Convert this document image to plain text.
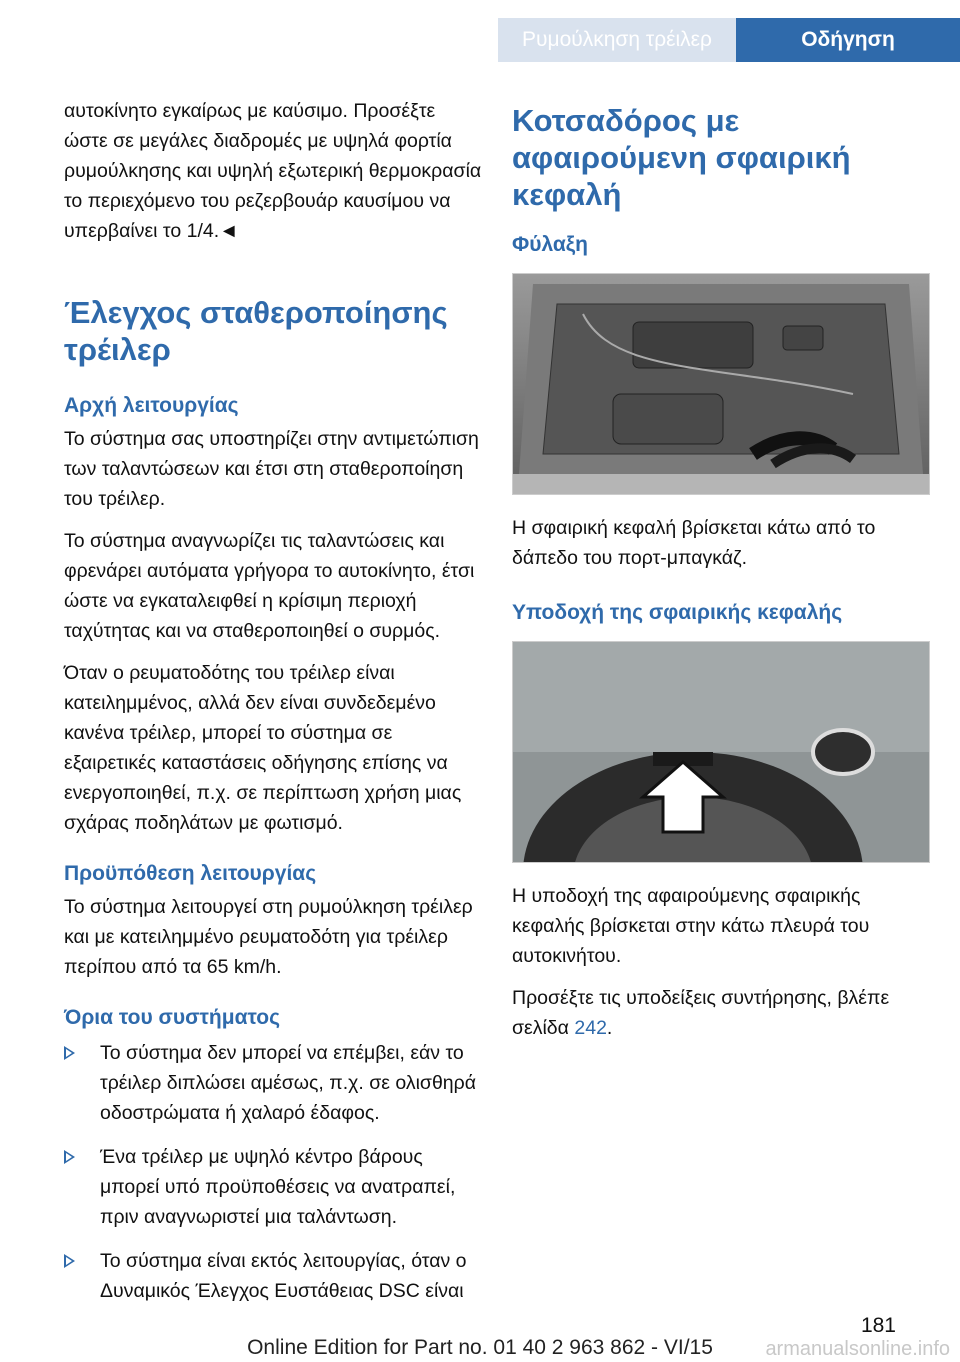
Ρυμούλκηση τρέιλερ	Οδήγηση

αυτοκίνητο εγκαίρως με καύσιμο. Προσέξτε ώστε σε μεγάλες διαδρομές με υψηλά φορτία ρυμούλκησης και υψηλή εξωτερική θερμοκρασία το περιεχόμενο του ρεζερβουάρ καυσίμου να υπερβαίνει το 1/4.◄

Έλεγχος σταθεροποίησης τρέιλερ
Αρχή λειτουργίας

Το σύστημα σας υποστηρίζει στην αντιμετώπιση των ταλαντώσεων και έτσι στη σταθεροποίηση του τρέιλερ.

Το σύστημα αναγνωρίζει τις ταλαντώσεις και φρενάρει αυτόματα γρήγορα το αυτοκίνητο, έτσι ώστε να εγκαταλειφθεί η κρίσιμη περιοχή ταχύτητας και να σταθεροποιηθεί ο συρμός.

Όταν ο ρευματοδότης του τρέιλερ είναι κατειλημμένος, αλλά δεν είναι συνδεδεμένο κανένα τρέιλερ, μπορεί το σύστημα σε εξαιρετικές καταστάσεις οδήγησης επίσης να ενεργοποιηθεί, π.χ. σε περίπτωση χρήση μιας σχάρας ποδηλάτων με φωτισμό.

Προϋπόθεση λειτουργίας

Το σύστημα λειτουργεί στη ρυμούλκηση τρέιλερ και με κατειλημμένο ρευματοδότη για τρέιλερ περίπου από τα 65 km/h.

Όρια του συστήματος
Το σύστημα δεν μπορεί να επέμβει, εάν το τρέιλερ διπλώσει αμέσως, π.χ. σε ολισθηρά οδοστρώματα ή χαλαρό έδαφος.
Ένα τρέιλερ με υψηλό κέντρο βάρους μπορεί υπό προϋποθέσεις να ανατραπεί, πριν αναγνωριστεί μια ταλάντωση.
Το σύστημα είναι εκτός λειτουργίας, όταν ο Δυναμικός Έλεγχος Ευστάθειας DSC είναι
Κοτσαδόρος με αφαιρούμενη σφαιρική κεφαλή
Φύλαξη

Η σφαιρική κεφαλή βρίσκεται κάτω από το δάπεδο του πορτ-μπαγκάζ.

Υποδοχή της σφαιρικής κεφαλής

Η υποδοχή της αφαιρούμενης σφαιρικής κεφαλής βρίσκεται στην κάτω πλευρά του αυτοκινήτου.

Προσέξτε τις υποδείξεις συντήρησης, βλέπε σελίδα 242.

181
Online Edition for Part no. 01 40 2 963 862 - VI/15	armanualsonline.info
